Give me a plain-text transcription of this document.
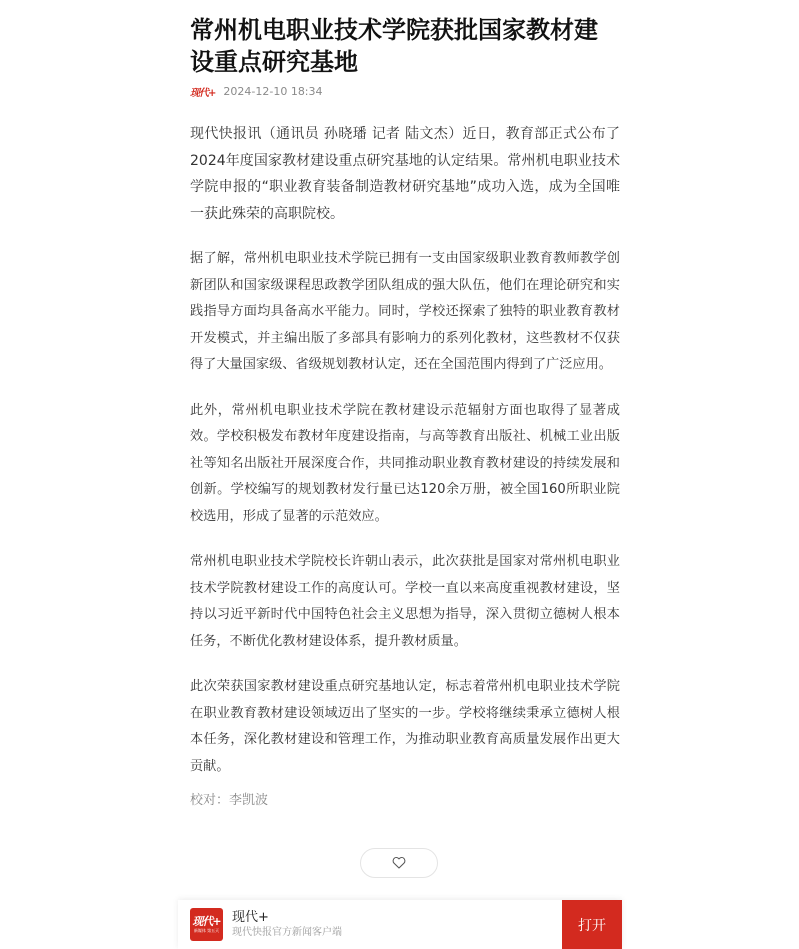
常州机电职业技术学院获批国家教材建设重点研究基地
现代+ 2024-12-10 18:34

现代快报讯（通讯员 孙晓璠 记者 陆文杰）近日，教育部正式公布了2024年度国家教材建设重点研究基地的认定结果。常州机电职业技术学院申报的“职业教育装备制造教材研究基地”成功入选，成为全国唯一获此殊荣的高职院校。

据了解，常州机电职业技术学院已拥有一支由国家级职业教育教师教学创新团队和国家级课程思政教学团队组成的强大队伍，他们在理论研究和实践指导方面均具备高水平能力。同时，学校还探索了独特的职业教育教材开发模式，并主编出版了多部具有影响力的系列化教材，这些教材不仅获得了大量国家级、省级规划教材认定，还在全国范围内得到了广泛应用。

此外，常州机电职业技术学院在教材建设示范辐射方面也取得了显著成效。学校积极发布教材年度建设指南，与高等教育出版社、机械工业出版社等知名出版社开展深度合作，共同推动职业教育教材建设的持续发展和创新。学校编写的规划教材发行量已达120余万册，被全国160所职业院校选用，形成了显著的示范效应。

常州机电职业技术学院校长许朝山表示，此次获批是国家对常州机电职业技术学院教材建设工作的高度认可。学校一直以来高度重视教材建设，坚持以习近平新时代中国特色社会主义思想为指导，深入贯彻立德树人根本任务，不断优化教材建设体系，提升教材质量。

此次荣获国家教材建设重点研究基地认定，标志着常州机电职业技术学院在职业教育教材建设领域迈出了坚实的一步。学校将继续秉承立德树人根本任务，深化教材建设和管理工作，为推动职业教育高质量发展作出更大贡献。

校对：李凯波
现代+
新媒体 第五天
现代+
现代快报官方新闻客户端	打开
